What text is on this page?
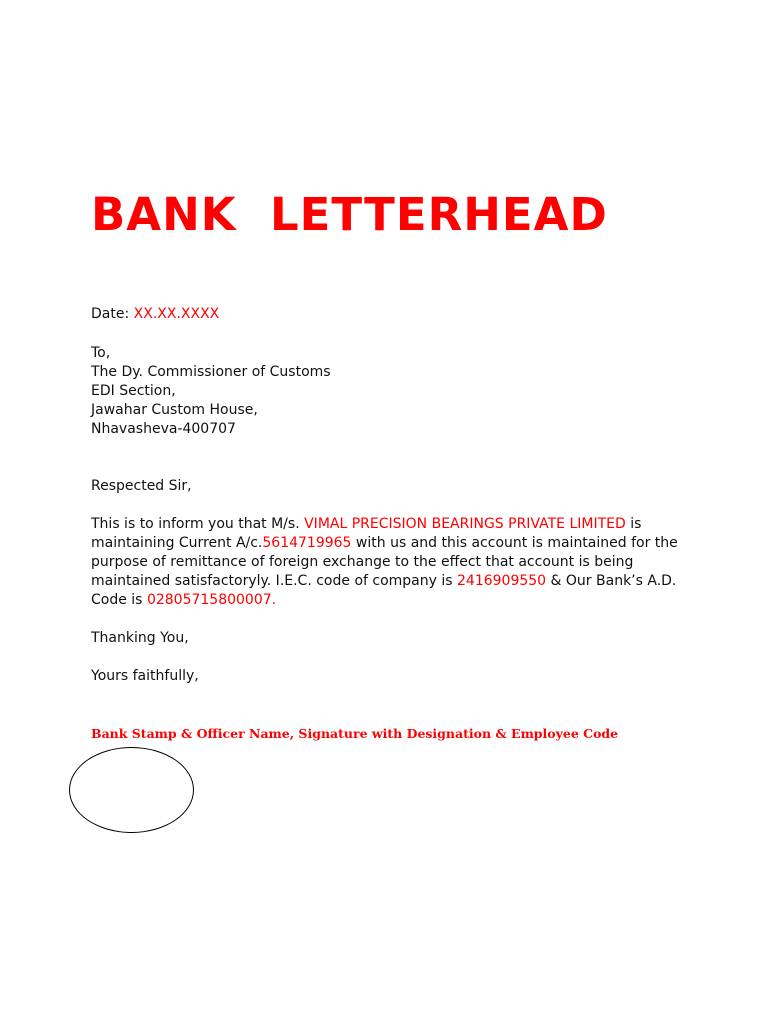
BANK  LETTERHEAD
Date: XX.XX.XXXX
To,
The Dy. Commissioner of Customs
EDI Section,
Jawahar Custom House,
Nhavasheva-400707
Respected Sir,
This is to inform you that M/s. VIMAL PRECISION BEARINGS PRIVATE LIMITED is
maintaining Current A/c.5614719965 with us and this account is maintained for the
purpose of remittance of foreign exchange to the effect that account is being
maintained satisfactoryly. I.E.C. code of company is 2416909550 & Our Bank’s A.D.
Code is 02805715800007.
Thanking You,
Yours faithfully,
Bank Stamp & Officer Name, Signature with Designation & Employee Code
